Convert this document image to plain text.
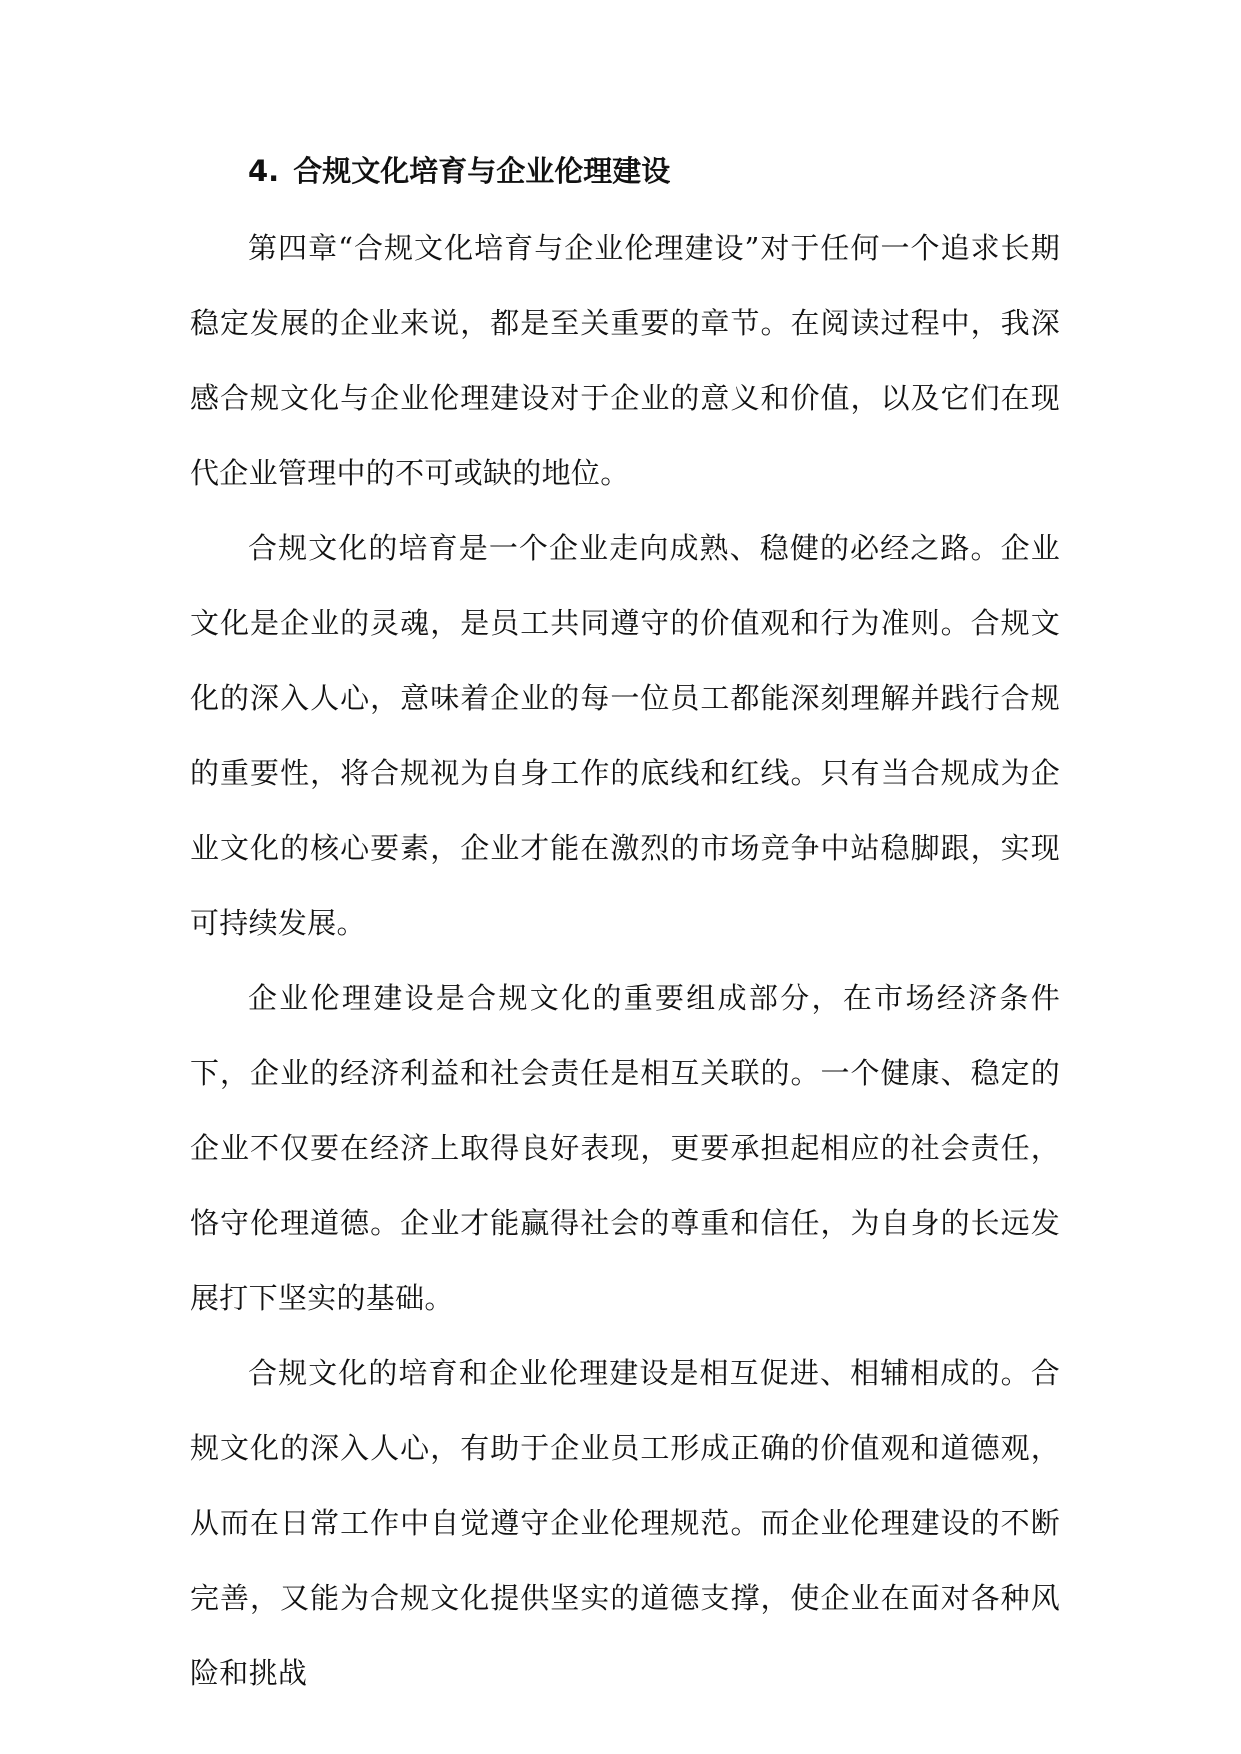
4. 合规文化培育与企业伦理建设

第四章“合规文化培育与企业伦理建设”对于任何一个追求长期稳定发展的企业来说，都是至关重要的章节。在阅读过程中，我深感合规文化与企业伦理建设对于企业的意义和价值，以及它们在现代企业管理中的不可或缺的地位。

合规文化的培育是一个企业走向成熟、稳健的必经之路。企业文化是企业的灵魂，是员工共同遵守的价值观和行为准则。合规文化的深入人心，意味着企业的每一位员工都能深刻理解并践行合规的重要性，将合规视为自身工作的底线和红线。只有当合规成为企业文化的核心要素，企业才能在激烈的市场竞争中站稳脚跟，实现可持续发展。

企业伦理建设是合规文化的重要组成部分，在市场经济条件下，企业的经济利益和社会责任是相互关联的。一个健康、稳定的企业不仅要在经济上取得良好表现，更要承担起相应的社会责任，恪守伦理道德。企业才能赢得社会的尊重和信任，为自身的长远发展打下坚实的基础。

合规文化的培育和企业伦理建设是相互促进、相辅相成的。合规文化的深入人心，有助于企业员工形成正确的价值观和道德观，从而在日常工作中自觉遵守企业伦理规范。而企业伦理建设的不断完善，又能为合规文化提供坚实的道德支撑，使企业在面对各种风险和挑战
